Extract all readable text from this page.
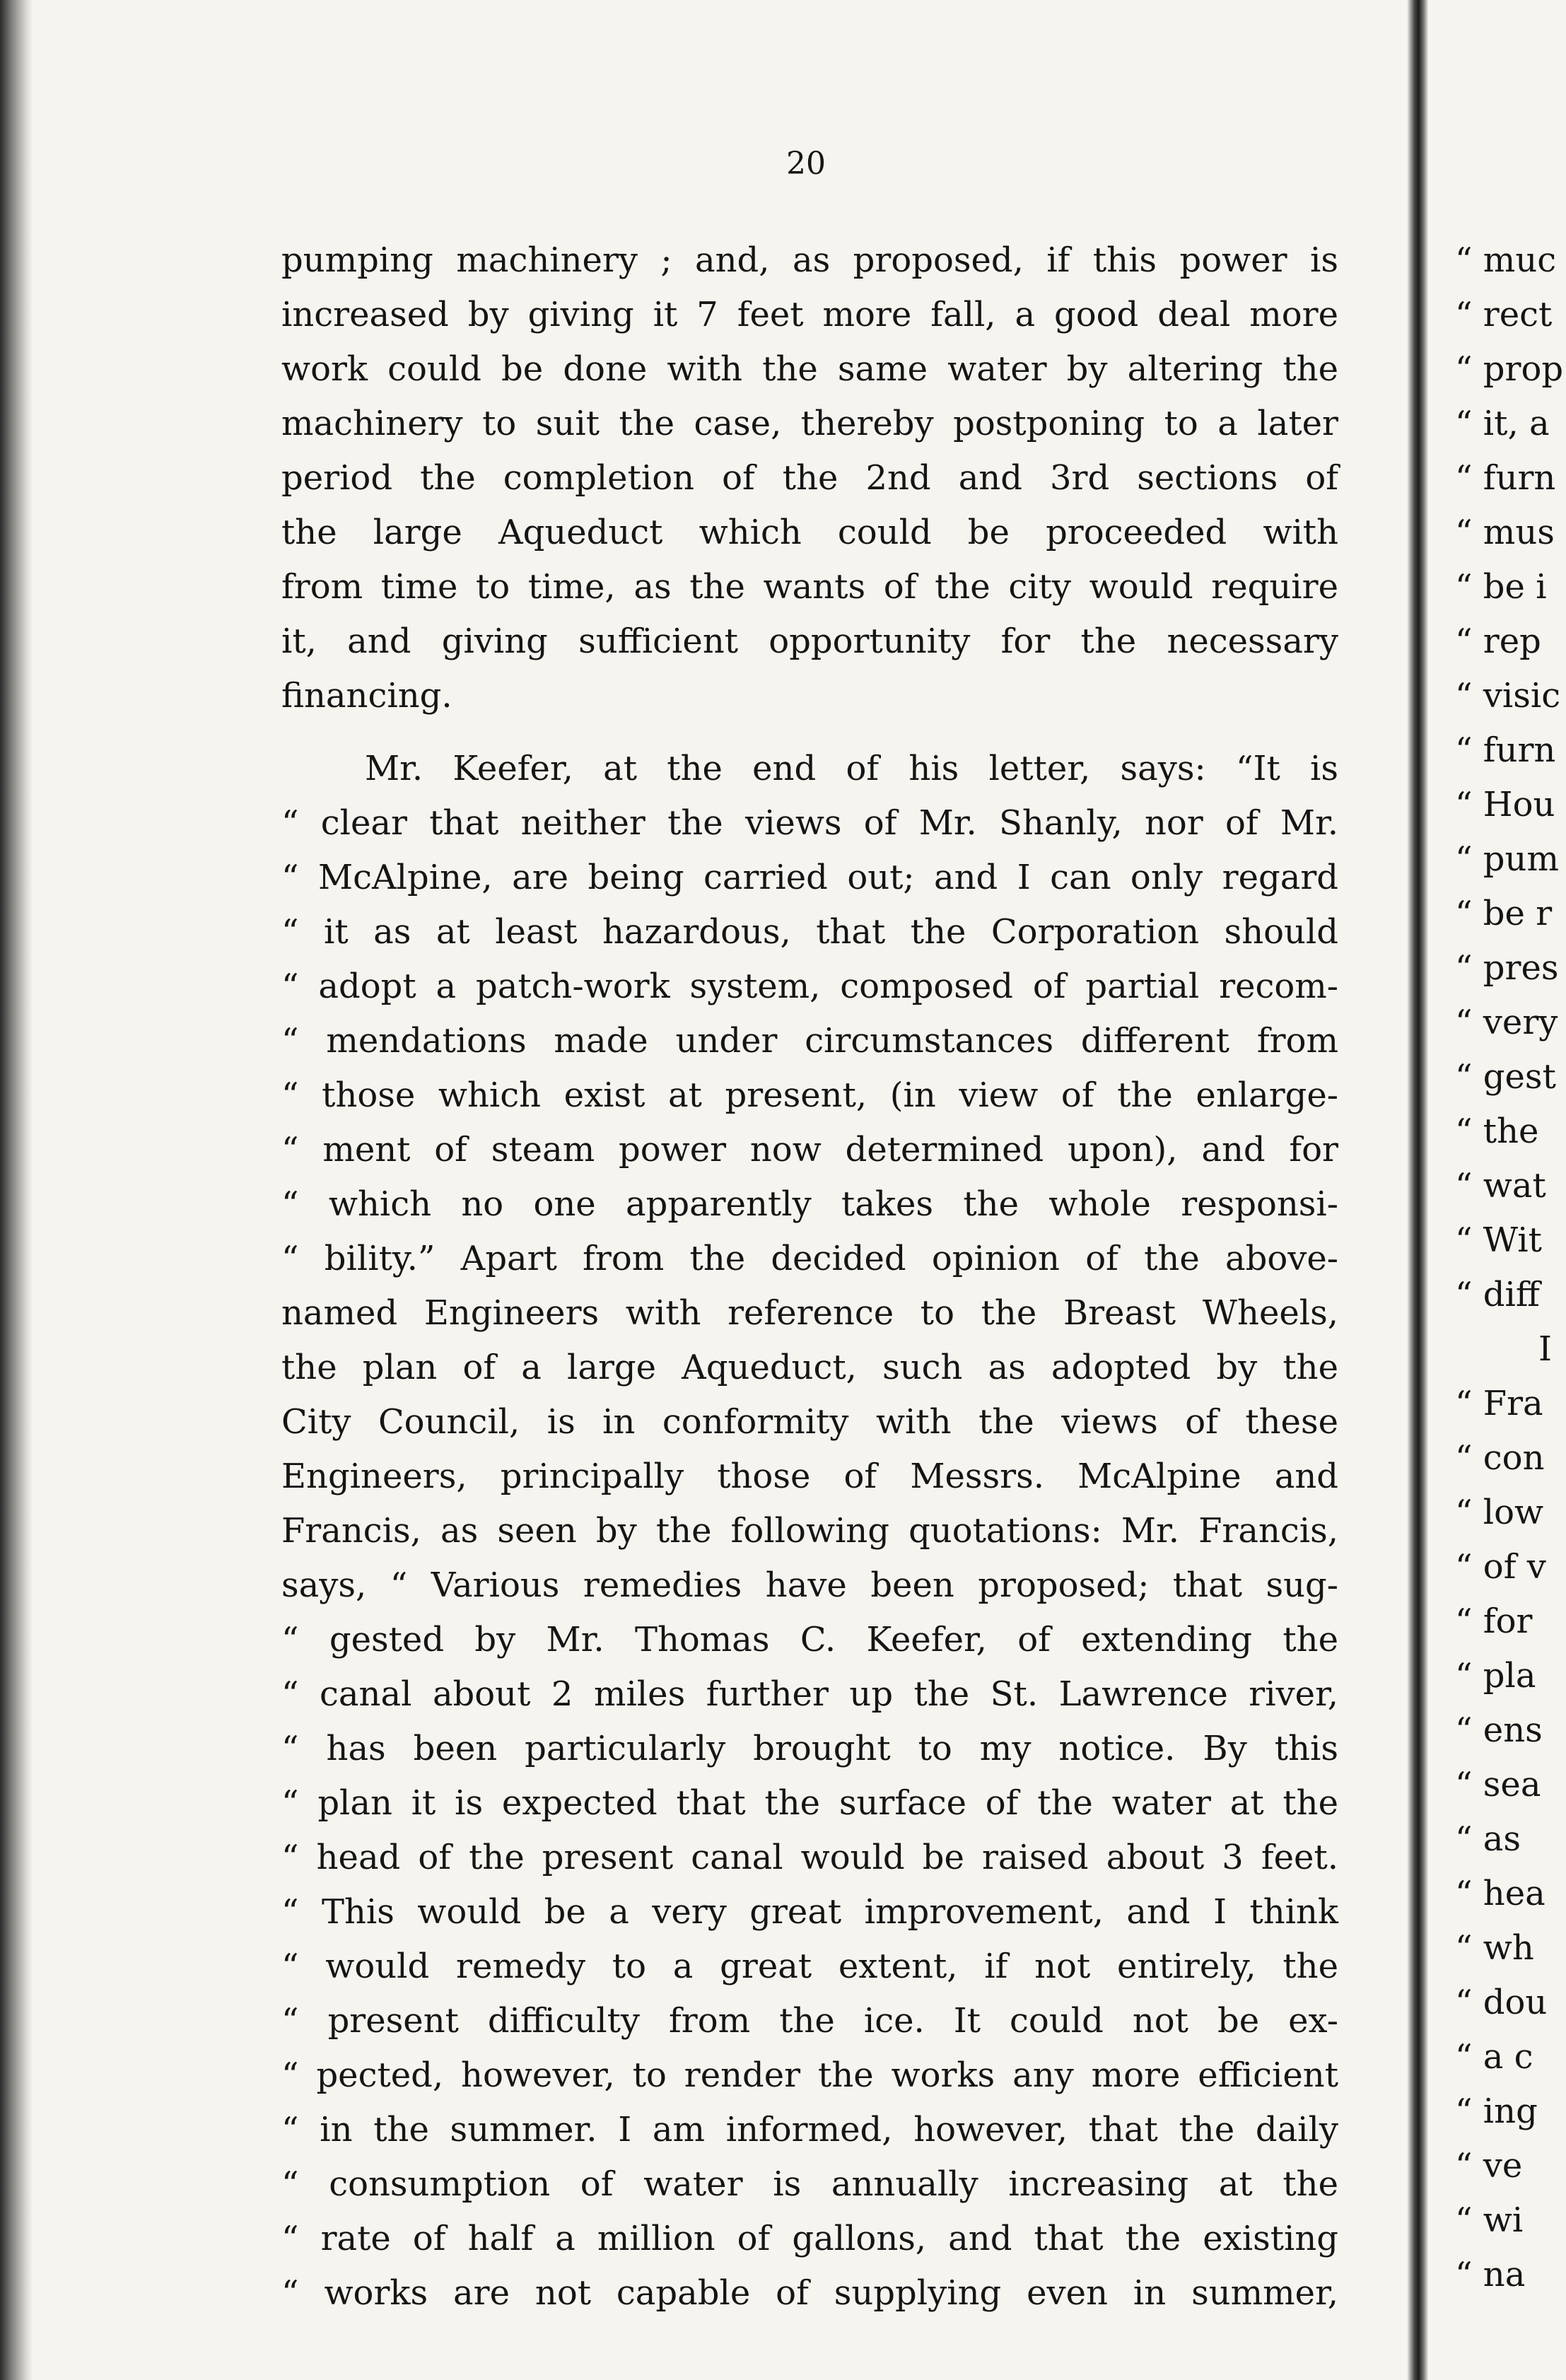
20
pumping machinery ; and, as proposed, if this power is
increased by giving it 7 feet more fall, a good deal more
work could be done with the same water by altering the
machinery to suit the case, thereby postponing to a later
period the completion of the 2nd and 3rd sections of
the large Aqueduct which could be proceeded with
from time to time, as the wants of the city would require
it, and giving sufficient opportunity for the necessary
financing.
Mr. Keefer, at the end of his letter, says: “It is
“ clear that neither the views of Mr. Shanly, nor of Mr.
“ McAlpine, are being carried out; and I can only regard
“ it as at least hazardous, that the Corporation should
“ adopt a patch-work system, composed of partial recom-
“ mendations made under circumstances different from
“ those which exist at present, (in view of the enlarge-
“ ment of steam power now determined upon), and for
“ which no one apparently takes the whole responsi-
“ bility.” Apart from the decided opinion of the above-
named Engineers with reference to the Breast Wheels,
the plan of a large Aqueduct, such as adopted by the
City Council, is in conformity with the views of these
Engineers, principally those of Messrs. McAlpine and
Francis, as seen by the following quotations: Mr. Francis,
says, “ Various remedies have been proposed; that sug-
“ gested by Mr. Thomas C. Keefer, of extending the
“ canal about 2 miles further up the St. Lawrence river,
“ has been particularly brought to my notice. By this
“ plan it is expected that the surface of the water at the
“ head of the present canal would be raised about 3 feet.
“ This would be a very great improvement, and I think
“ would remedy to a great extent, if not entirely, the
“ present difficulty from the ice. It could not be ex-
“ pected, however, to render the works any more efficient
“ in the summer. I am informed, however, that the daily
“ consumption of water is annually increasing at the
“ rate of half a million of gallons, and that the existing
“ works are not capable of supplying even in summer,
“ muc
“ rect
“ prop
“ it, a
“ furn
“ mus
“ be i
“ rep
“ visic
“ furn
“ Hou
“ pum
“ be r
“ pres
“ very
“ gest
“ the
“ wat
“ Wit
“ diff
I
“ Fra
“ con
“ low
“ of v
“ for
“ pla
“ ens
“ sea
“ as
“ hea
“ wh
“ dou
“ a c
“ ing
“ ve
“ wi
“ na
